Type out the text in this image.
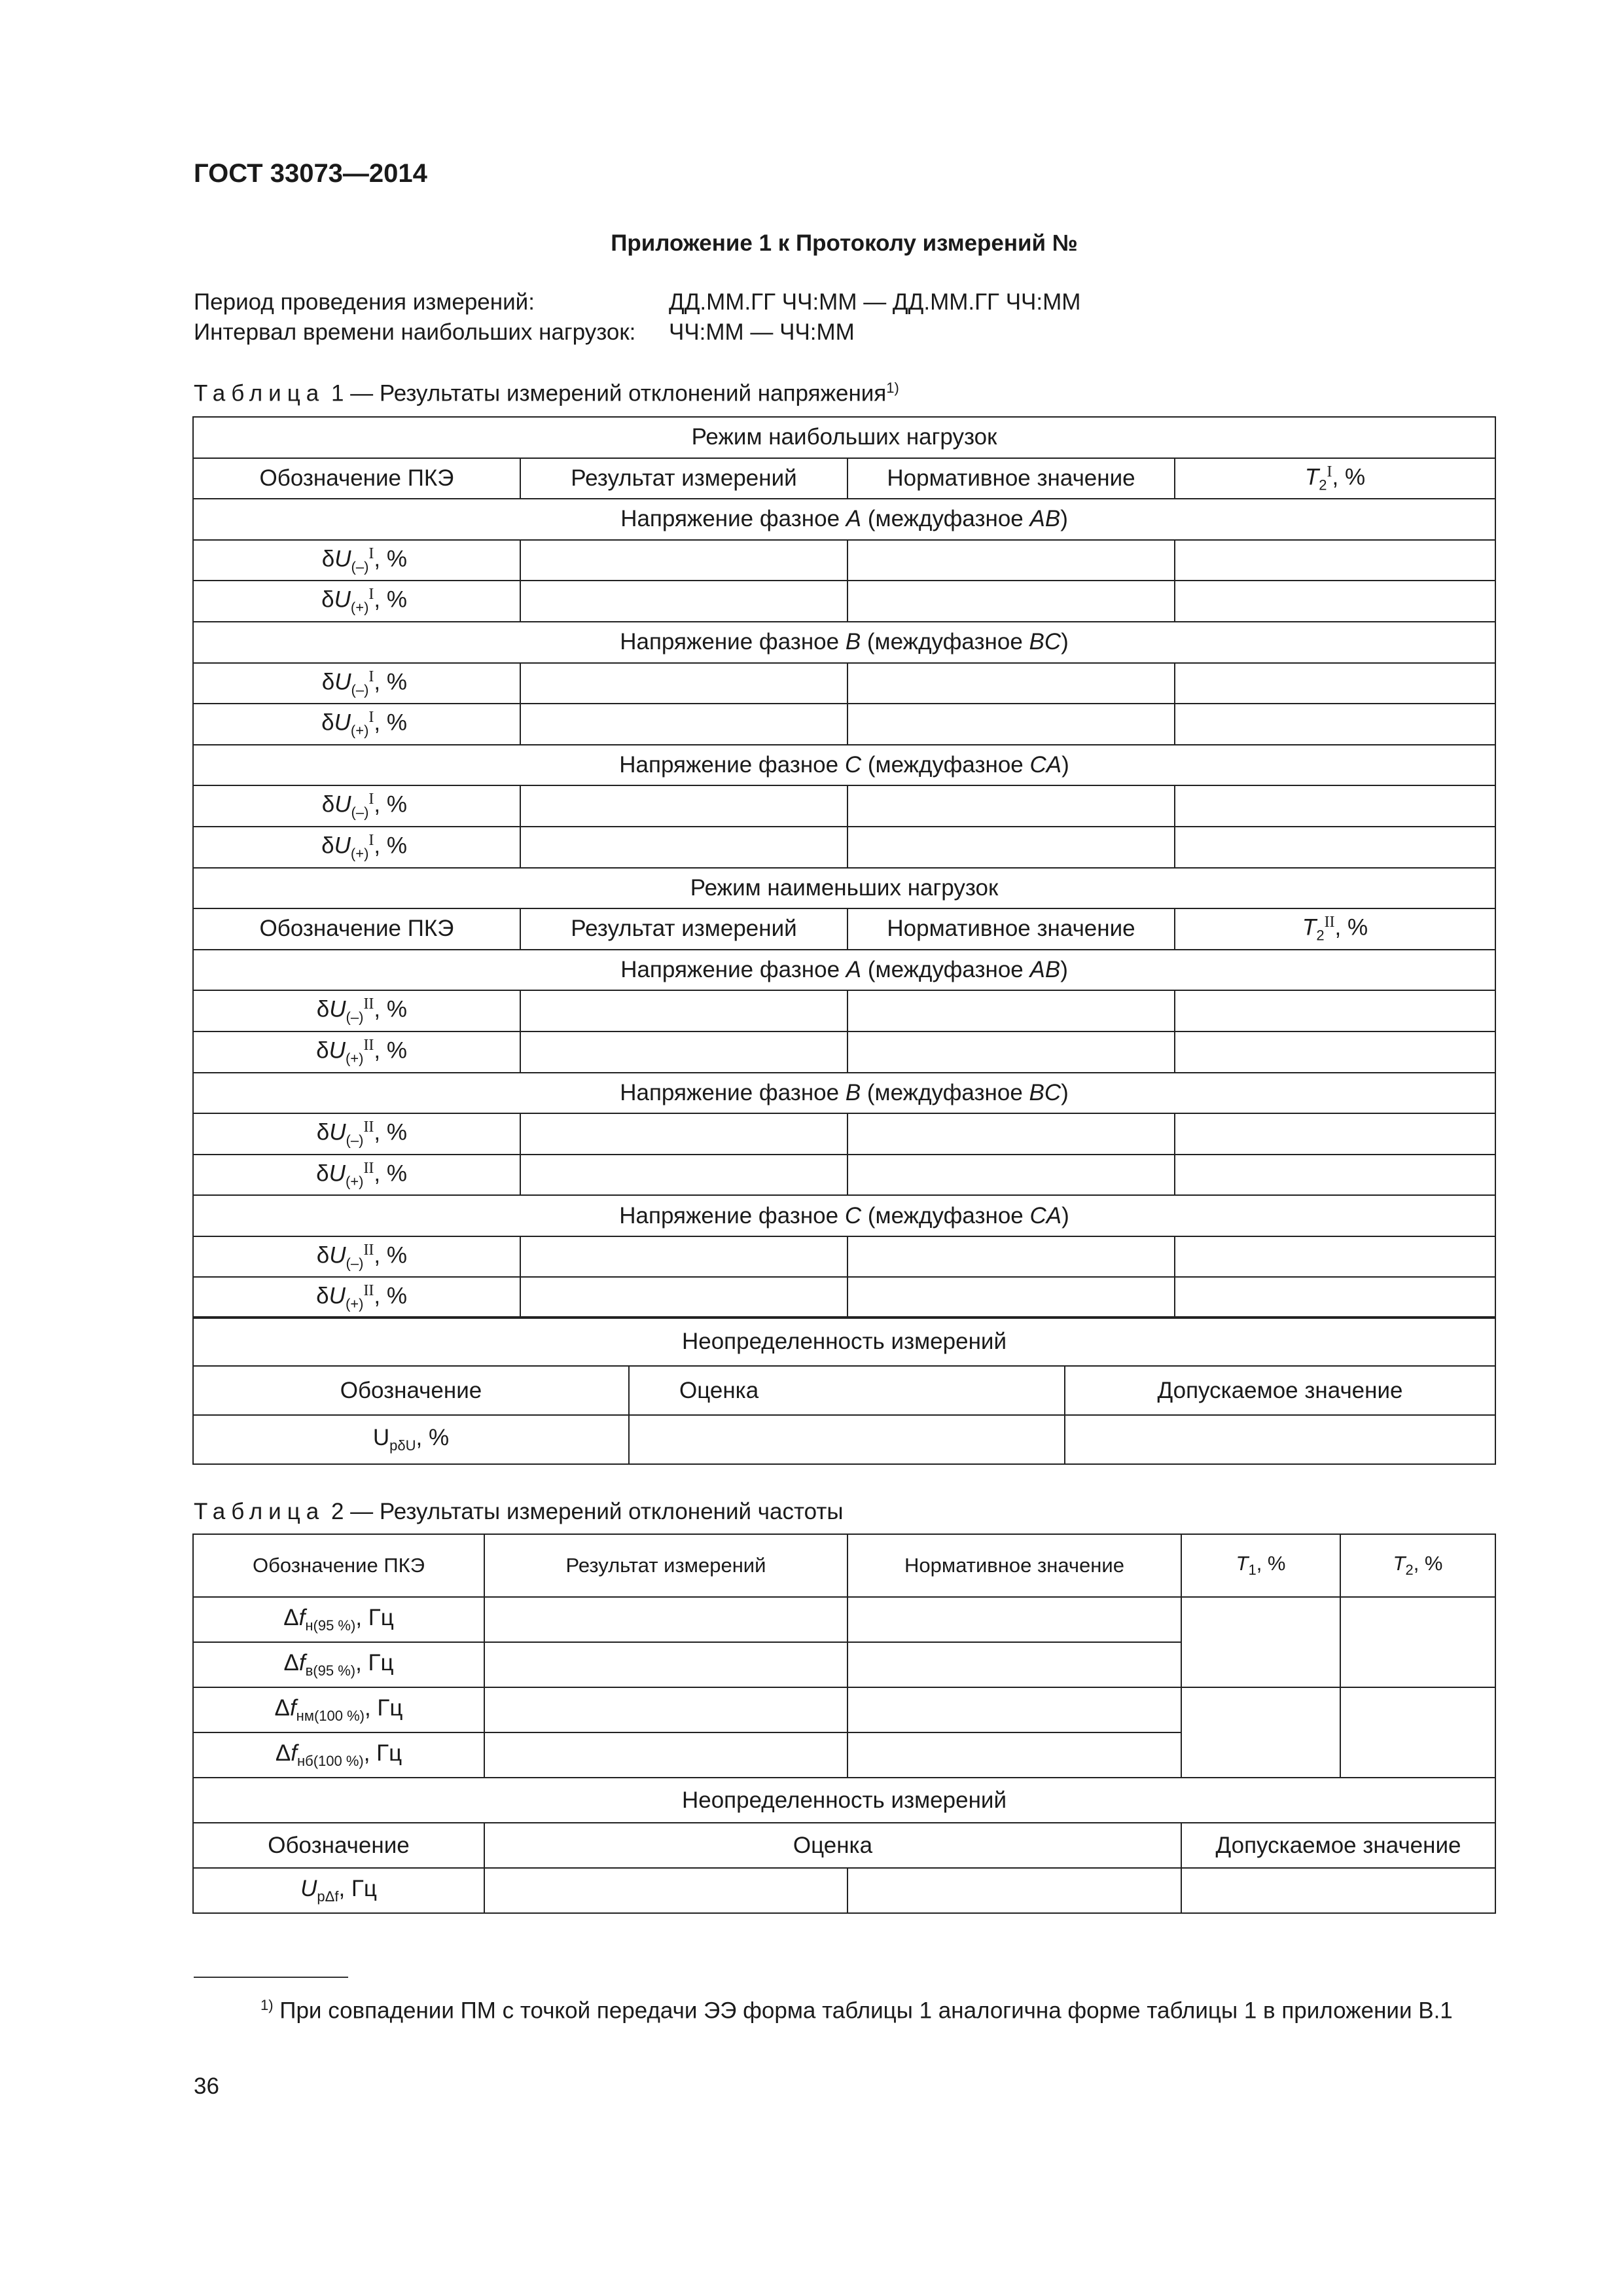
ГОСТ 33073—2014
Приложение 1 к Протоколу измерений №
Период проведения измерений:	ДД.ММ.ГГ ЧЧ:ММ — ДД.ММ.ГГ ЧЧ:ММ
Интервал времени наибольших нагрузок: ЧЧ:ММ — ЧЧ:ММ
Таблица 1 — Результаты измерений отклонений напряжения$^{1)}$
Режим наибольших нагрузок			
Обозначение ПКЭ	Результат измерений	Нормативное значение	$T_2^I$, %
Напряжение фазное A (междуфазное AB)			
$\delta U_{(-)}^I$, %			
$\delta U_{(+)}^I$, %			
Напряжение фазное B (междуфазное BC)			
$\delta U_{(-)}^I$, %			
$\delta U_{(+)}^I$, %			
Напряжение фазное C (междуфазное CA)			
$\delta U_{(-)}^I$, %			
$\delta U_{(+)}^I$, %			
Режим наименьших нагрузок			
Обозначение ПКЭ	Результат измерений	Нормативное значение	$T_2^{II}$, %
Напряжение фазное A (междуфазное AB)			
$\delta U_{(-)}^{II}$, %			
$\delta U_{(+)}^{II}$, %			
Напряжение фазное B (междуфазное BC)			
$\delta U_{(-)}^{II}$, %			
$\delta U_{(+)}^{II}$, %			
Напряжение фазное C (междуфазное CA)			
$\delta U_{(-)}^{II}$, %			
$\delta U_{(+)}^{II}$, %			
Неопределенность измерений		
Обозначение	Оценка	Допускаемое значение
$U_{р\delta U}$, %		
Таблица 2 — Результаты измерений отклонений частоты
Обозначение ПКЭ	Результат измерений	Нормативное значение	$T_1$, %	$T_2$, %
$\Delta f_{н(95 \%)}$, Гц				
$\Delta f_{в(95 \%)}$, Гц				
$\Delta f_{нм(100 \%)}$, Гц				
$\Delta f_{нб(100 \%)}$, Гц				
Неопределенность измерений				
Обозначение	Оценка		Допускаемое значение	
$U_{р\Delta f}$, Гц				
$^{1)}$ При совпадении ПМ с точкой передачи ЭЭ форма таблицы 1 аналогична форме таблицы 1 в приложении В.1
36
